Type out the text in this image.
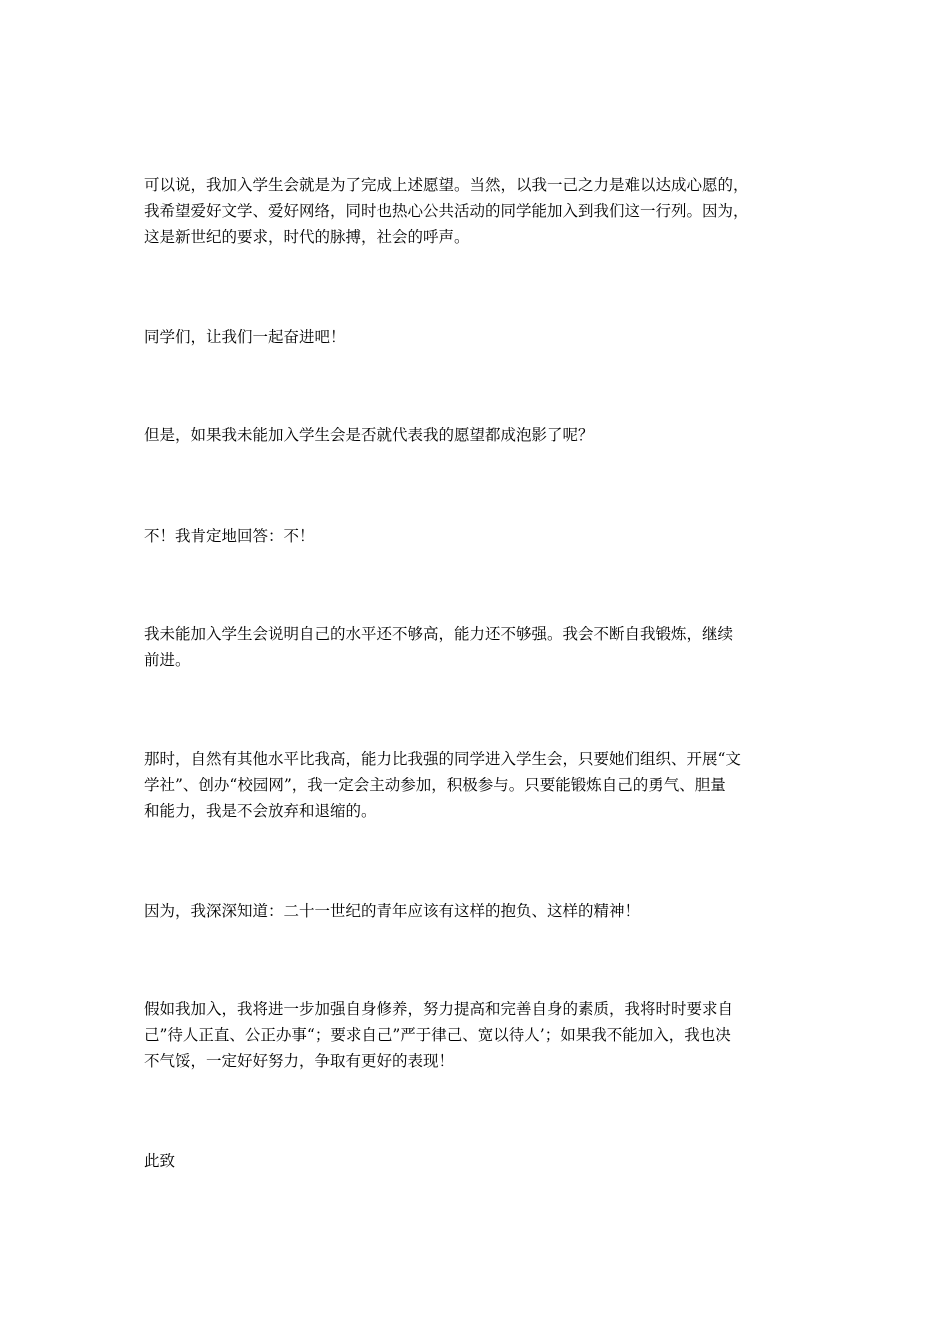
可以说，我加入学生会就是为了完成上述愿望。当然，以我一己之力是难以达成心愿的，
我希望爱好文学、爱好网络，同时也热心公共活动的同学能加入到我们这一行列。因为，
这是新世纪的要求，时代的脉搏，社会的呼声。

同学们，让我们一起奋进吧！

但是，如果我未能加入学生会是否就代表我的愿望都成泡影了呢？

不！我肯定地回答：不！

我未能加入学生会说明自己的水平还不够高，能力还不够强。我会不断自我锻炼，继续
前进。

那时，自然有其他水平比我高，能力比我强的同学进入学生会，只要她们组织、开展“文
学社”、创办“校园网”，我一定会主动参加，积极参与。只要能锻炼自己的勇气、胆量
和能力，我是不会放弃和退缩的。

因为，我深深知道：二十一世纪的青年应该有这样的抱负、这样的精神！

假如我加入，我将进一步加强自身修养，努力提高和完善自身的素质，我将时时要求自
己”待人正直、公正办事“；要求自己”严于律己、宽以待人’；如果我不能加入，我也决
不气馁，一定好好努力，争取有更好的表现！

此致
